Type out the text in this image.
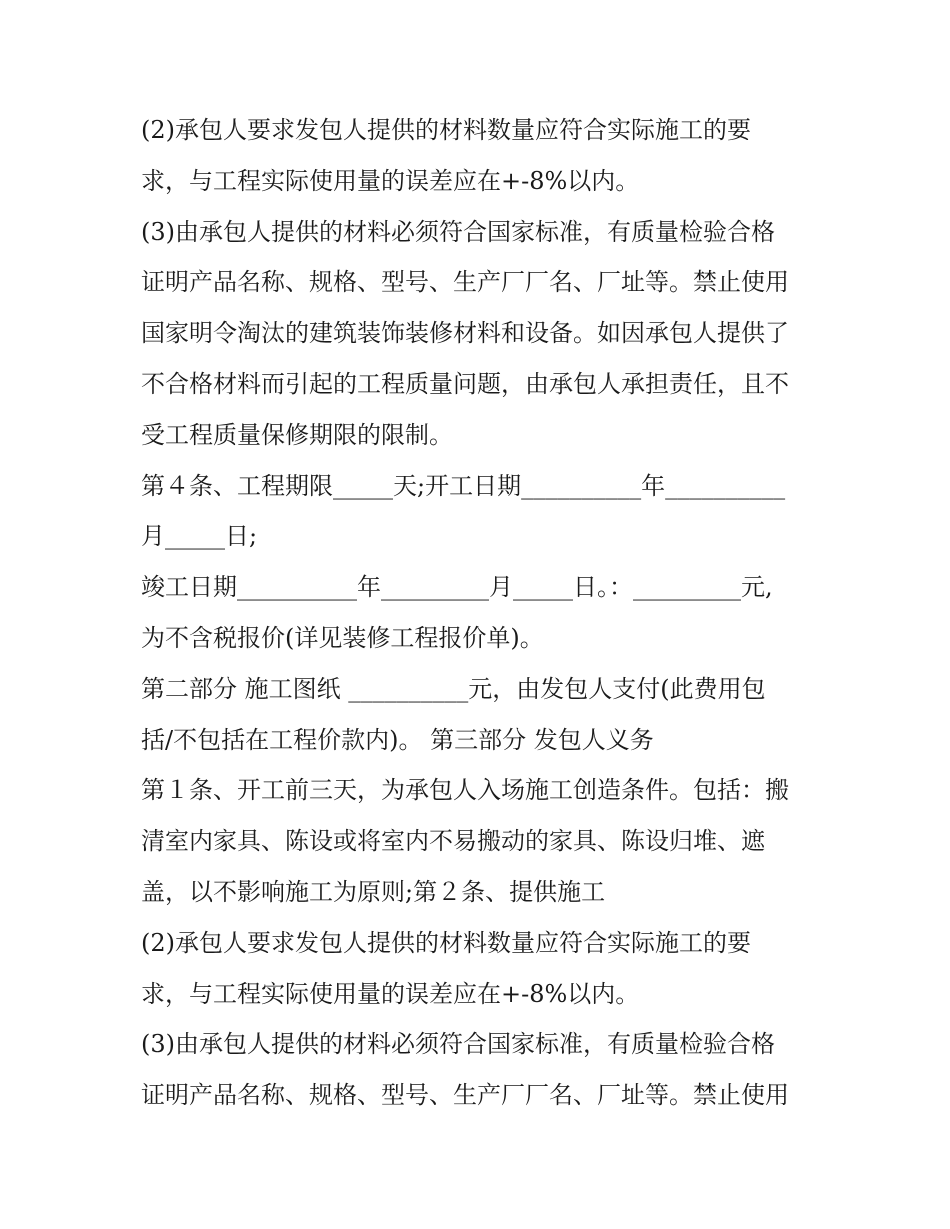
(2)承包人要求发包人提供的材料数量应符合实际施工的要
求，与工程实际使用量的误差应在+-8%以内。
(3)由承包人提供的材料必须符合国家标准，有质量检验合格
证明产品名称、规格、型号、生产厂厂名、厂址等。禁止使用
国家明令淘汰的建筑装饰装修材料和设备。如因承包人提供了
不合格材料而引起的工程质量问题，由承包人承担责任，且不
受工程质量保修期限的限制。
第４条、工程期限_____天;开工日期__________年__________
月_____日;
竣工日期__________年_________月_____日。：_________元,
为不含税报价(详见装修工程报价单)。
第二部分 施工图纸 __________元，由发包人支付(此费用包
括/不包括在工程价款内)。 第三部分 发包人义务
第１条、开工前三天，为承包人入场施工创造条件。包括：搬
清室内家具、陈设或将室内不易搬动的家具、陈设归堆、遮
盖，以不影响施工为原则;第２条、提供施工
(2)承包人要求发包人提供的材料数量应符合实际施工的要
求，与工程实际使用量的误差应在+-8%以内。
(3)由承包人提供的材料必须符合国家标准，有质量检验合格
证明产品名称、规格、型号、生产厂厂名、厂址等。禁止使用
